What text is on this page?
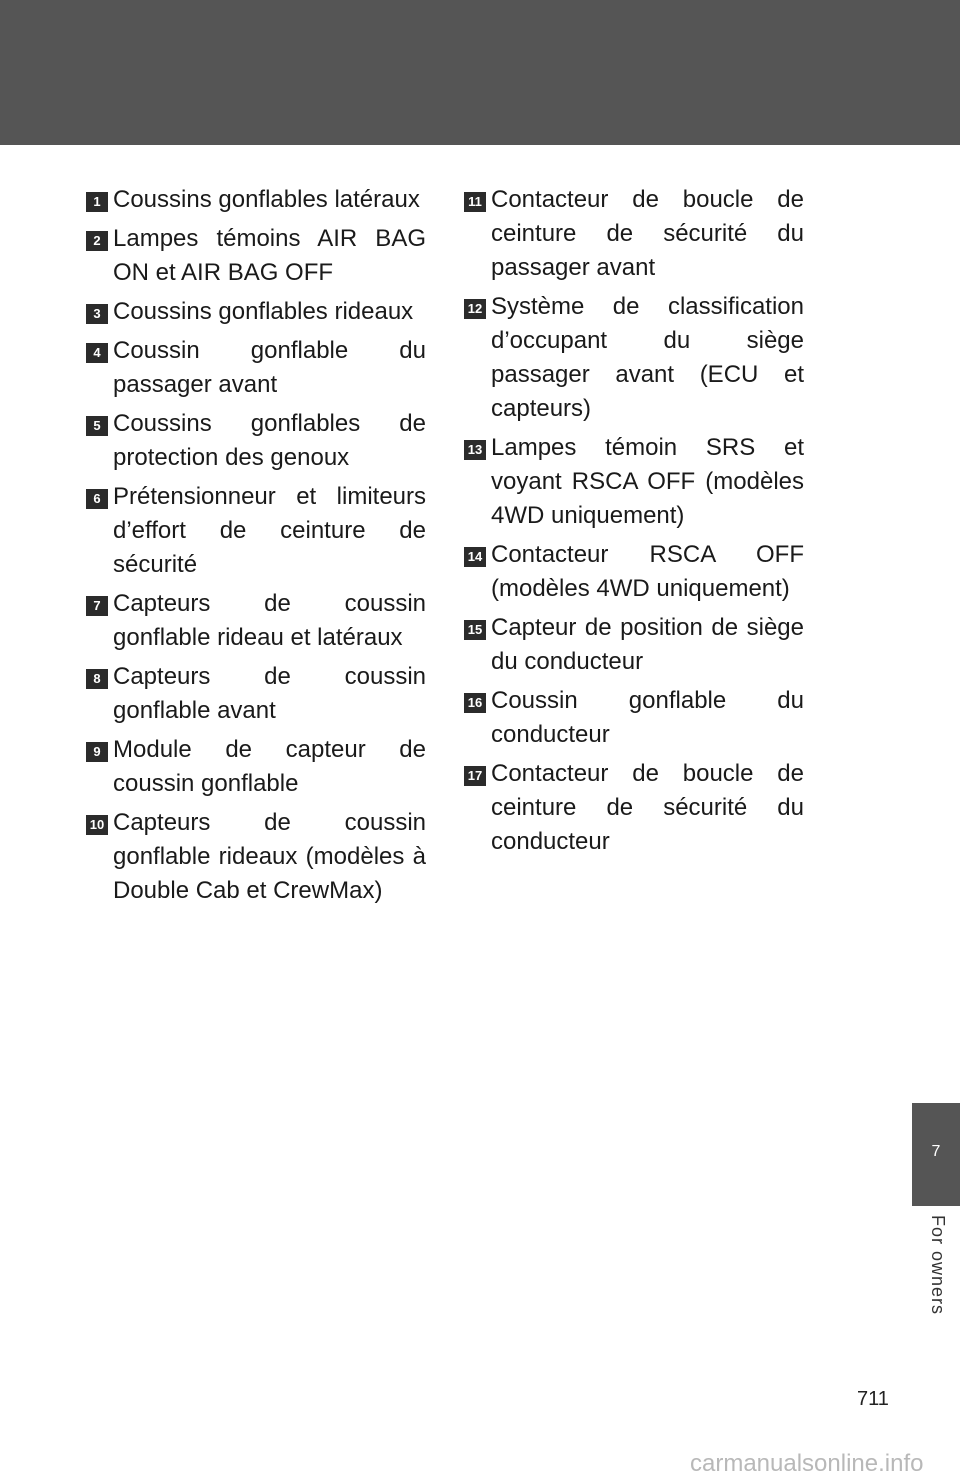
1 Coussins gonflables latéraux
2 Lampes témoins AIR BAG ON et AIR BAG OFF
3 Coussins gonflables rideaux
4 Coussin gonflable du passager avant
5 Coussins gonflables de protection des genoux
6 Prétensionneur et limiteurs d’effort de ceinture de sécurité
7 Capteurs de coussin gonflable rideau et latéraux
8 Capteurs de coussin gonflable avant
9 Module de capteur de coussin gonflable
10 Capteurs de coussin gonflable rideaux (modèles à Double Cab et CrewMax)
11 Contacteur de boucle de ceinture de sécurité du passager avant
12 Système de classification d’occupant du siège passager avant (ECU et capteurs)
13 Lampes témoin SRS et voyant RSCA OFF (modèles 4WD uniquement)
14 Contacteur RSCA OFF (modèles 4WD uniquement)
15 Capteur de position de siège du conducteur
16 Coussin gonflable du conducteur
17 Contacteur de boucle de ceinture de sécurité du conducteur
7
For owners
711
carmanualsonline.info
